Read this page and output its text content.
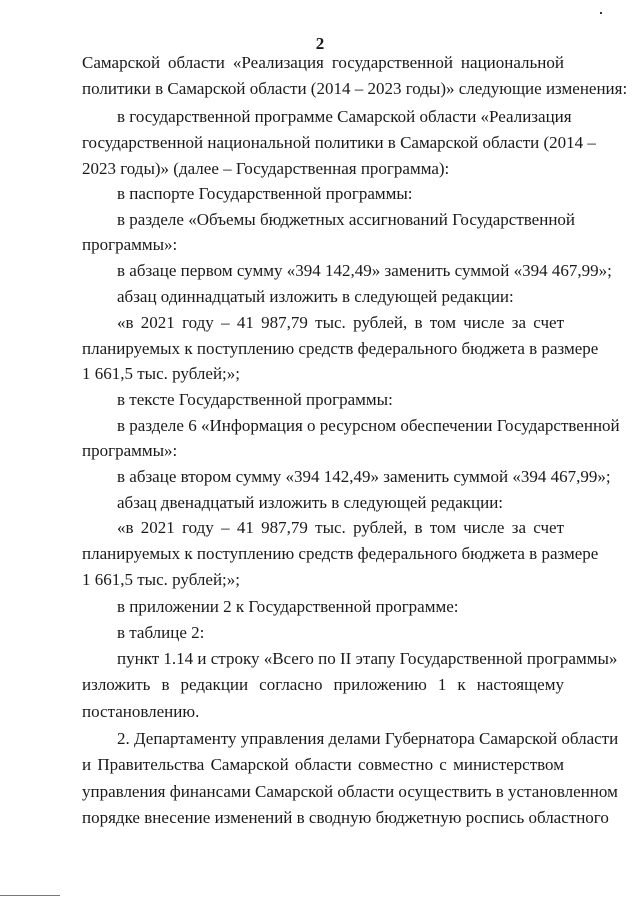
2
Самарской области «Реализация государственной национальной
политики в Самарской области (2014 – 2023 годы)» следующие изменения:
в государственной программе Самарской области «Реализация
государственной национальной политики в Самарской области (2014 –
2023 годы)» (далее – Государственная программа):
в паспорте Государственной программы:
в разделе «Объемы бюджетных ассигнований Государственной
программы»:
в абзаце первом сумму «394 142,49» заменить суммой «394 467,99»;
абзац одиннадцатый изложить в следующей редакции:
«в 2021 году – 41 987,79 тыс. рублей, в том числе за счет
планируемых к поступлению средств федерального бюджета в размере
1 661,5 тыс. рублей;»;
в тексте Государственной программы:
в разделе 6 «Информация о ресурсном обеспечении Государственной
программы»:
в абзаце втором сумму «394 142,49» заменить суммой «394 467,99»;
абзац двенадцатый изложить в следующей редакции:
«в 2021 году – 41 987,79 тыс. рублей, в том числе за счет
планируемых к поступлению средств федерального бюджета в размере
1 661,5 тыс. рублей;»;
в приложении 2 к Государственной программе:
в таблице 2:
пункт 1.14 и строку «Всего по II этапу Государственной программы»
изложить в редакции согласно приложению 1 к настоящему
постановлению.
2. Департаменту управления делами Губернатора Самарской области
и Правительства Самарской области совместно с министерством
управления финансами Самарской области осуществить в установленном
порядке внесение изменений в сводную бюджетную роспись областного
